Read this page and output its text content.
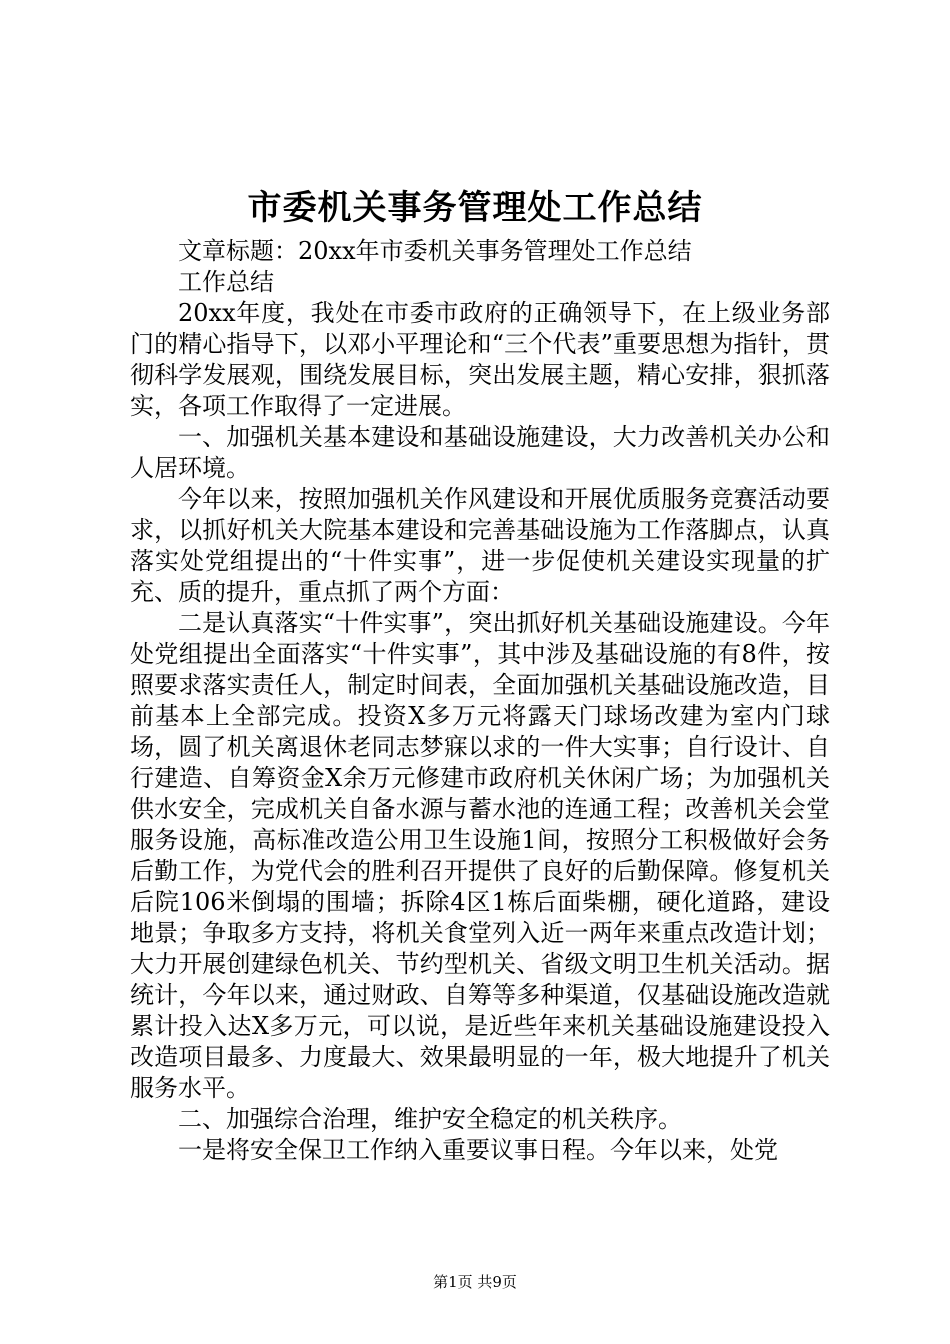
市委机关事务管理处工作总结

文章标题：20xx年市委机关事务管理处工作总结

工作总结

20xx年度，我处在市委市政府的正确领导下，在上级业务部门的精心指导下，以邓小平理论和“三个代表”重要思想为指针，贯彻科学发展观，围绕发展目标，突出发展主题，精心安排，狠抓落实，各项工作取得了一定进展。

一、加强机关基本建设和基础设施建设，大力改善机关办公和人居环境。

今年以来，按照加强机关作风建设和开展优质服务竞赛活动要求，以抓好机关大院基本建设和完善基础设施为工作落脚点，认真落实处党组提出的“十件实事”，进一步促使机关建设实现量的扩充、质的提升，重点抓了两个方面：

二是认真落实“十件实事”，突出抓好机关基础设施建设。今年处党组提出全面落实“十件实事”，其中涉及基础设施的有8件，按照要求落实责任人，制定时间表，全面加强机关基础设施改造，目前基本上全部完成。投资X多万元将露天门球场改建为室内门球场，圆了机关离退休老同志梦寐以求的一件大实事；自行设计、自行建造、自筹资金X余万元修建市政府机关休闲广场；为加强机关供水安全，完成机关自备水源与蓄水池的连通工程；改善机关会堂服务设施，高标准改造公用卫生设施1间，按照分工积极做好会务后勤工作，为党代会的胜利召开提供了良好的后勤保障。修复机关后院106米倒塌的围墙；拆除4区1栋后面柴棚，硬化道路，建设地景；争取多方支持，将机关食堂列入近一两年来重点改造计划；大力开展创建绿色机关、节约型机关、省级文明卫生机关活动。据统计，今年以来，通过财政、自筹等多种渠道，仅基础设施改造就累计投入达X多万元，可以说，是近些年来机关基础设施建设投入改造项目最多、力度最大、效果最明显的一年，极大地提升了机关服务水平。

二、加强综合治理，维护安全稳定的机关秩序。

一是将安全保卫工作纳入重要议事日程。今年以来，处党

第1页 共9页
